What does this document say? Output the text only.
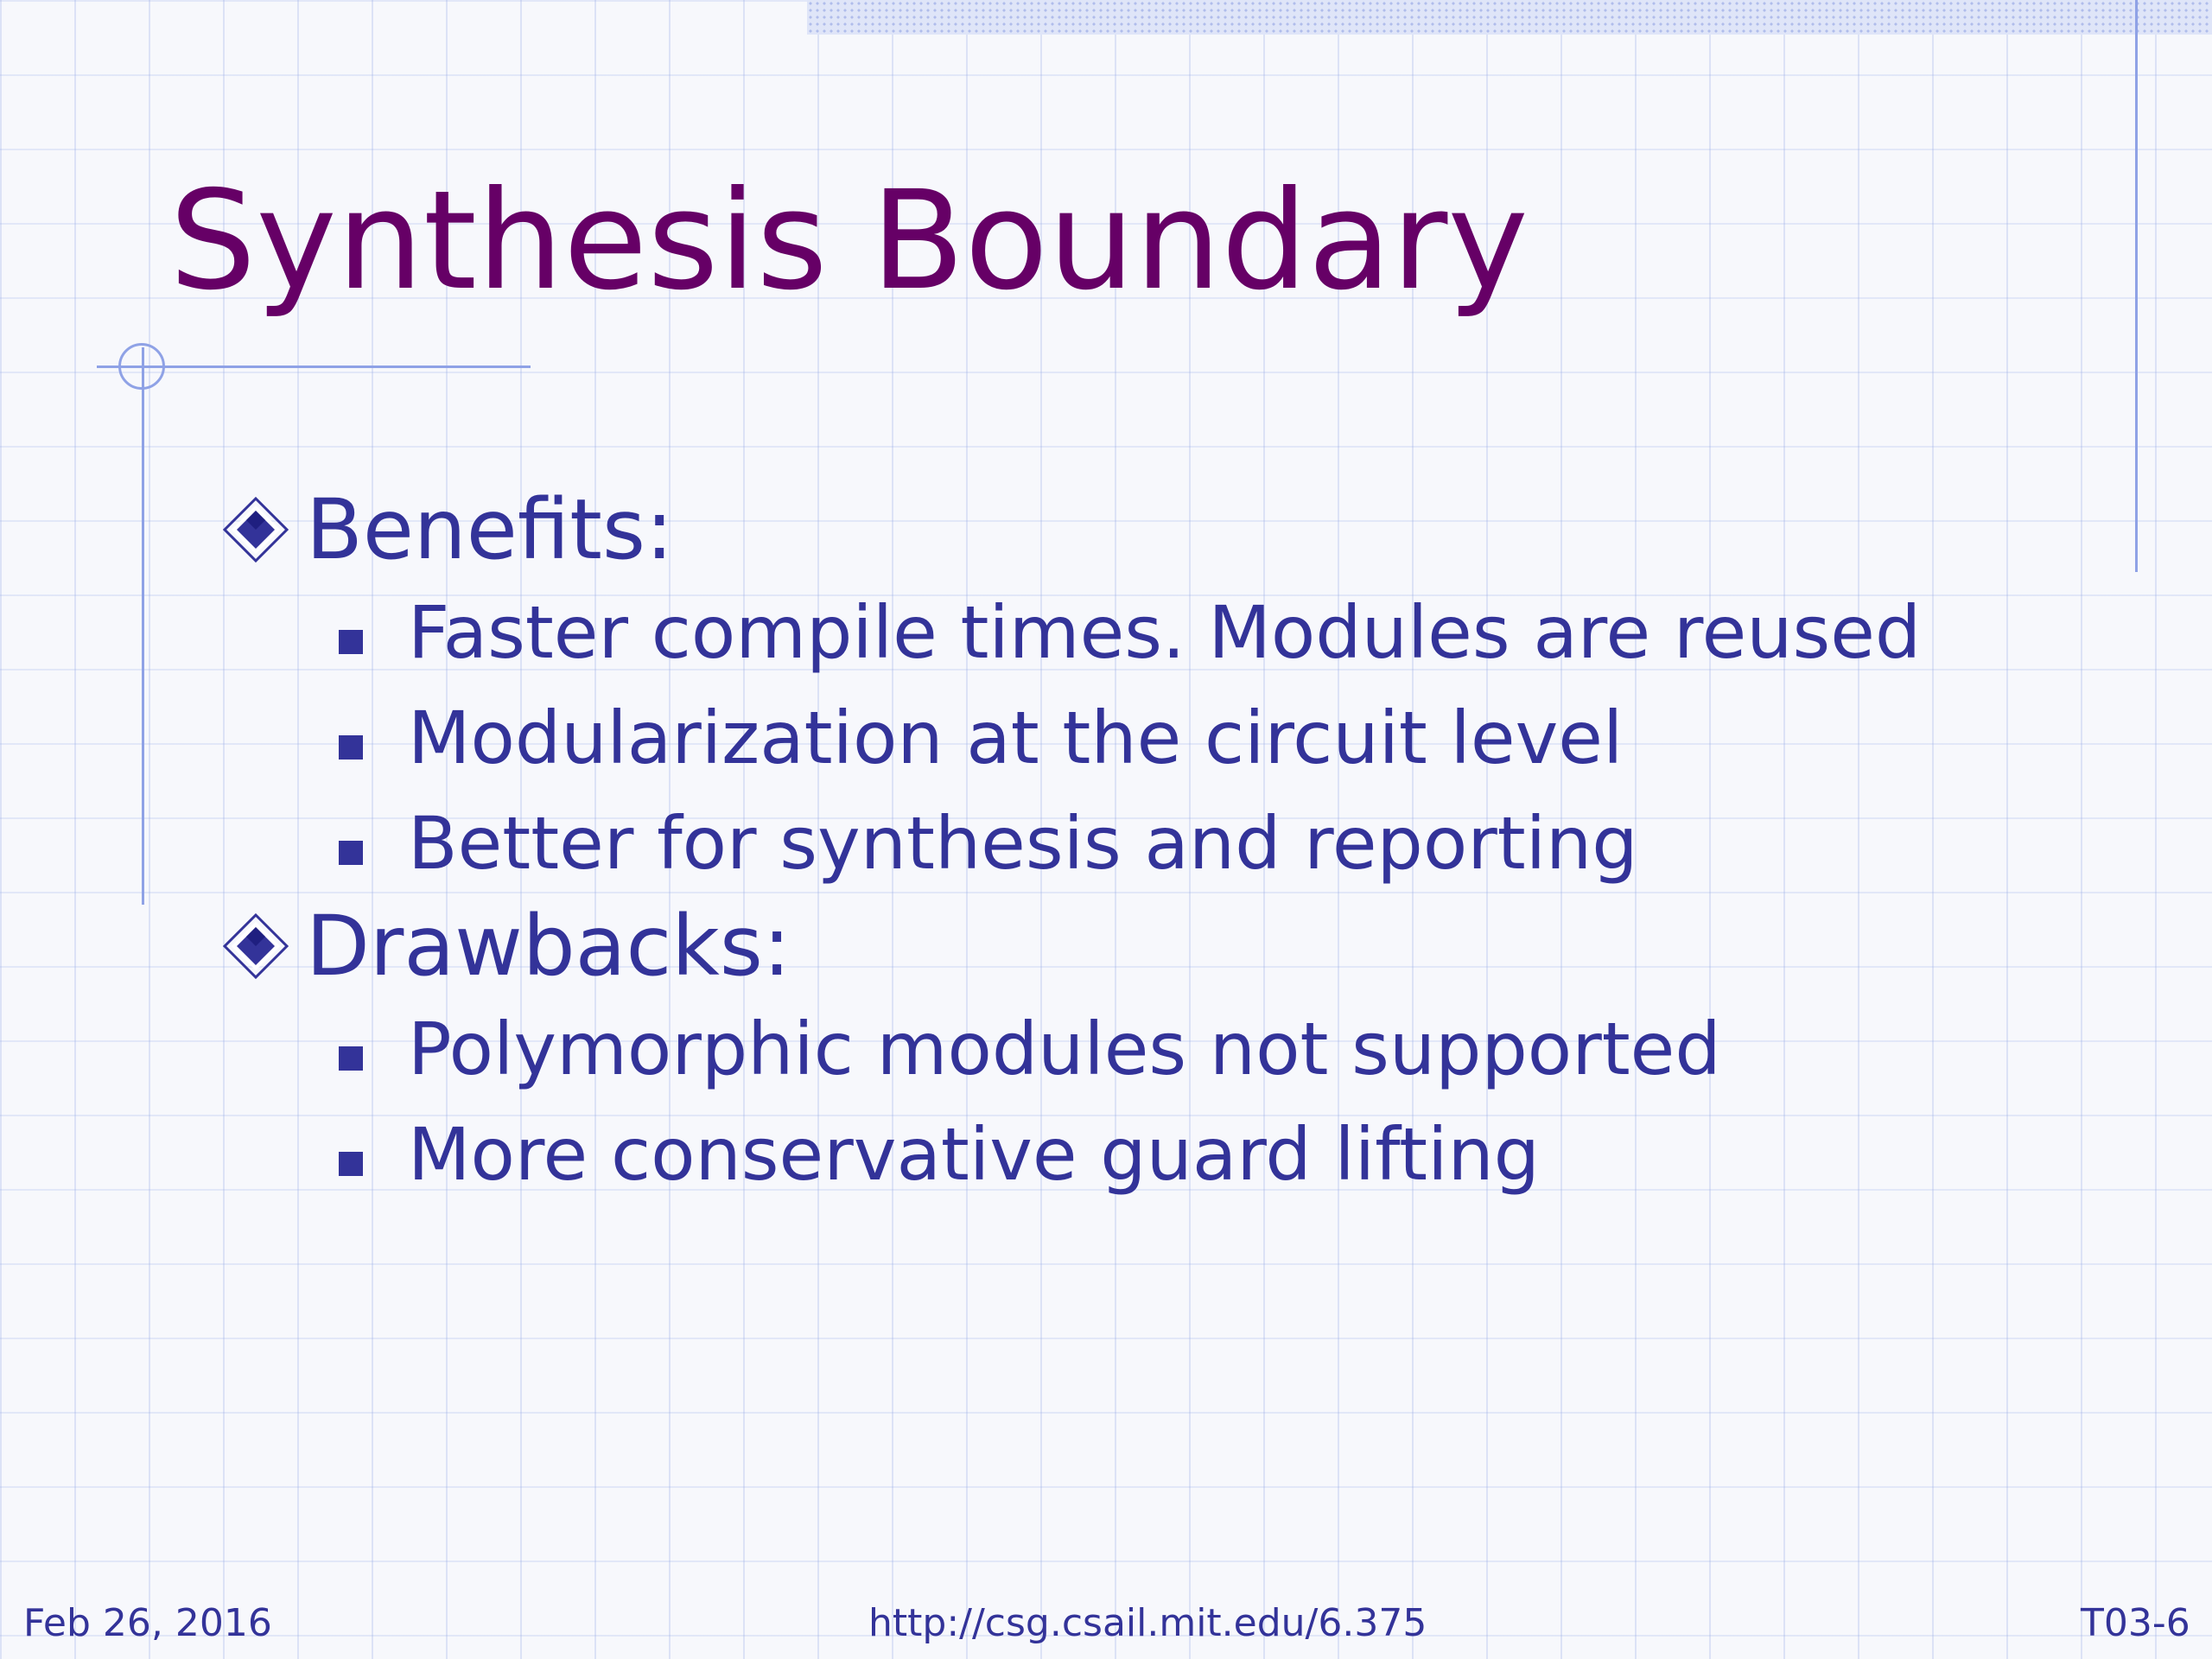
Synthesis Boundary
Benefits:
Faster compile times. Modules are reused
Modularization at the circuit level
Better for synthesis and reporting
Drawbacks:
Polymorphic modules not supported
More conservative guard lifting
Feb 26, 2016	http://csg.csail.mit.edu/6.375	T03-6
